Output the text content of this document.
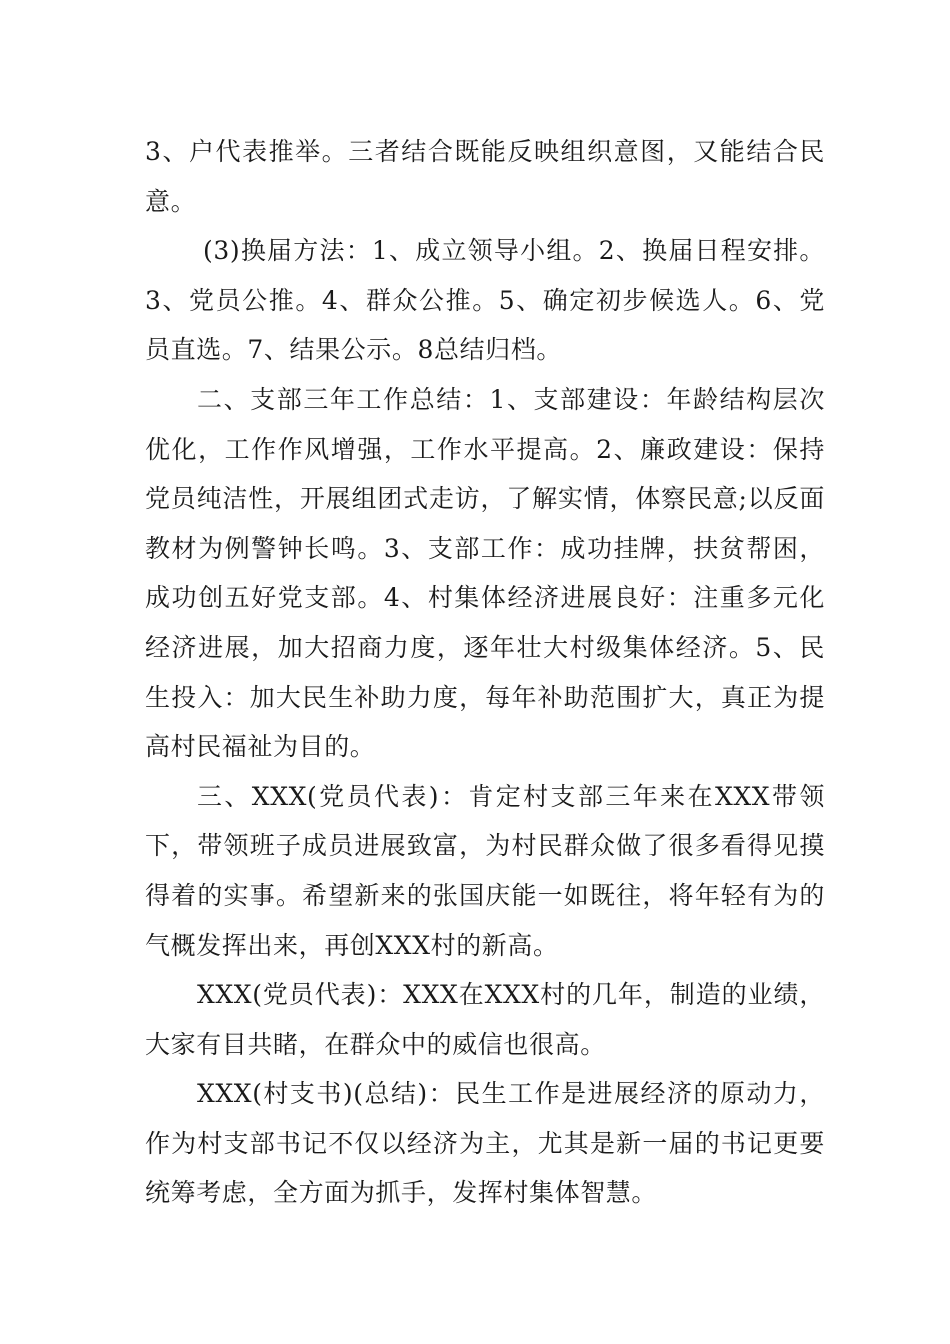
3、户代表推举。三者结合既能反映组织意图，又能结合民意。

(3)换届方法：1、成立领导小组。2、换届日程安排。3、党员公推。4、群众公推。5、确定初步候选人。6、党员直选。7、结果公示。8总结归档。

二、支部三年工作总结：1、支部建设：年龄结构层次优化，工作作风增强，工作水平提高。2、廉政建设：保持党员纯洁性，开展组团式走访，了解实情，体察民意;以反面教材为例警钟长鸣。3、支部工作：成功挂牌，扶贫帮困，成功创五好党支部。4、村集体经济进展良好：注重多元化经济进展，加大招商力度，逐年壮大村级集体经济。5、民生投入：加大民生补助力度，每年补助范围扩大，真正为提高村民福祉为目的。

三、XXX(党员代表)：肯定村支部三年来在XXX带领下，带领班子成员进展致富，为村民群众做了很多看得见摸得着的实事。希望新来的张国庆能一如既往，将年轻有为的气概发挥出来，再创XXX村的新高。

XXX(党员代表)：XXX在XXX村的几年，制造的业绩，大家有目共睹，在群众中的威信也很高。

XXX(村支书)(总结)：民生工作是进展经济的原动力，作为村支部书记不仅以经济为主，尤其是新一届的书记更要统筹考虑，全方面为抓手，发挥村集体智慧。
